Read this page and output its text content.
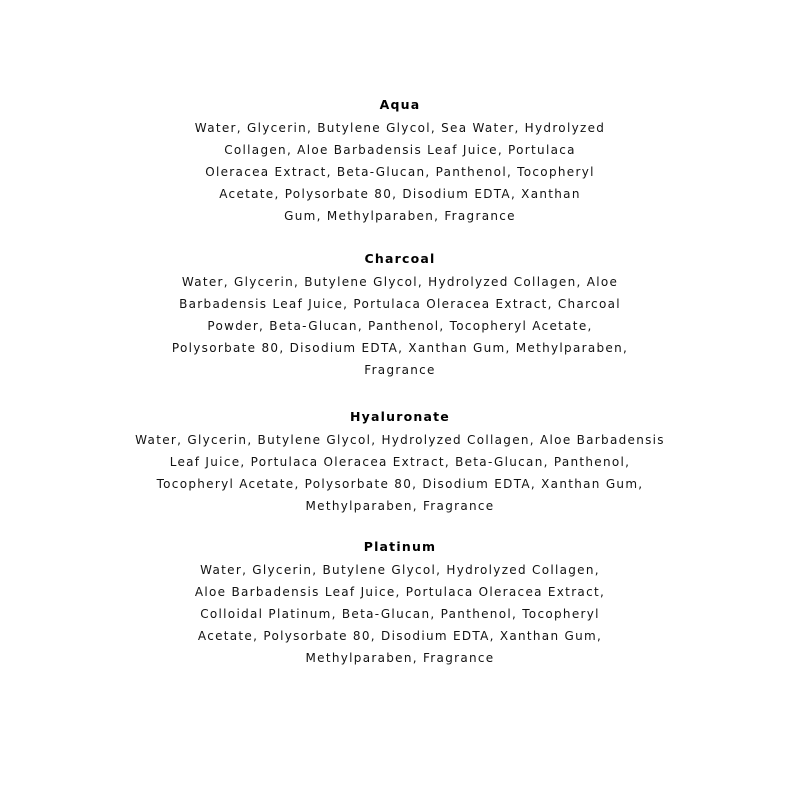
Aqua
Water, Glycerin, Butylene Glycol, Sea Water, Hydrolyzed
Collagen, Aloe Barbadensis Leaf Juice, Portulaca
Oleracea Extract, Beta-Glucan, Panthenol, Tocopheryl
Acetate, Polysorbate 80, Disodium EDTA, Xanthan
Gum, Methylparaben, Fragrance
Charcoal
Water, Glycerin, Butylene Glycol, Hydrolyzed Collagen, Aloe
Barbadensis Leaf Juice, Portulaca Oleracea Extract, Charcoal
Powder, Beta-Glucan, Panthenol, Tocopheryl Acetate,
Polysorbate 80, Disodium EDTA, Xanthan Gum, Methylparaben,
Fragrance
Hyaluronate
Water, Glycerin, Butylene Glycol, Hydrolyzed Collagen, Aloe Barbadensis
Leaf Juice, Portulaca Oleracea Extract, Beta-Glucan, Panthenol,
Tocopheryl Acetate, Polysorbate 80, Disodium EDTA, Xanthan Gum,
Methylparaben, Fragrance
Platinum
Water, Glycerin, Butylene Glycol, Hydrolyzed Collagen,
Aloe Barbadensis Leaf Juice, Portulaca Oleracea Extract,
Colloidal Platinum, Beta-Glucan, Panthenol, Tocopheryl
Acetate, Polysorbate 80, Disodium EDTA, Xanthan Gum,
Methylparaben, Fragrance
